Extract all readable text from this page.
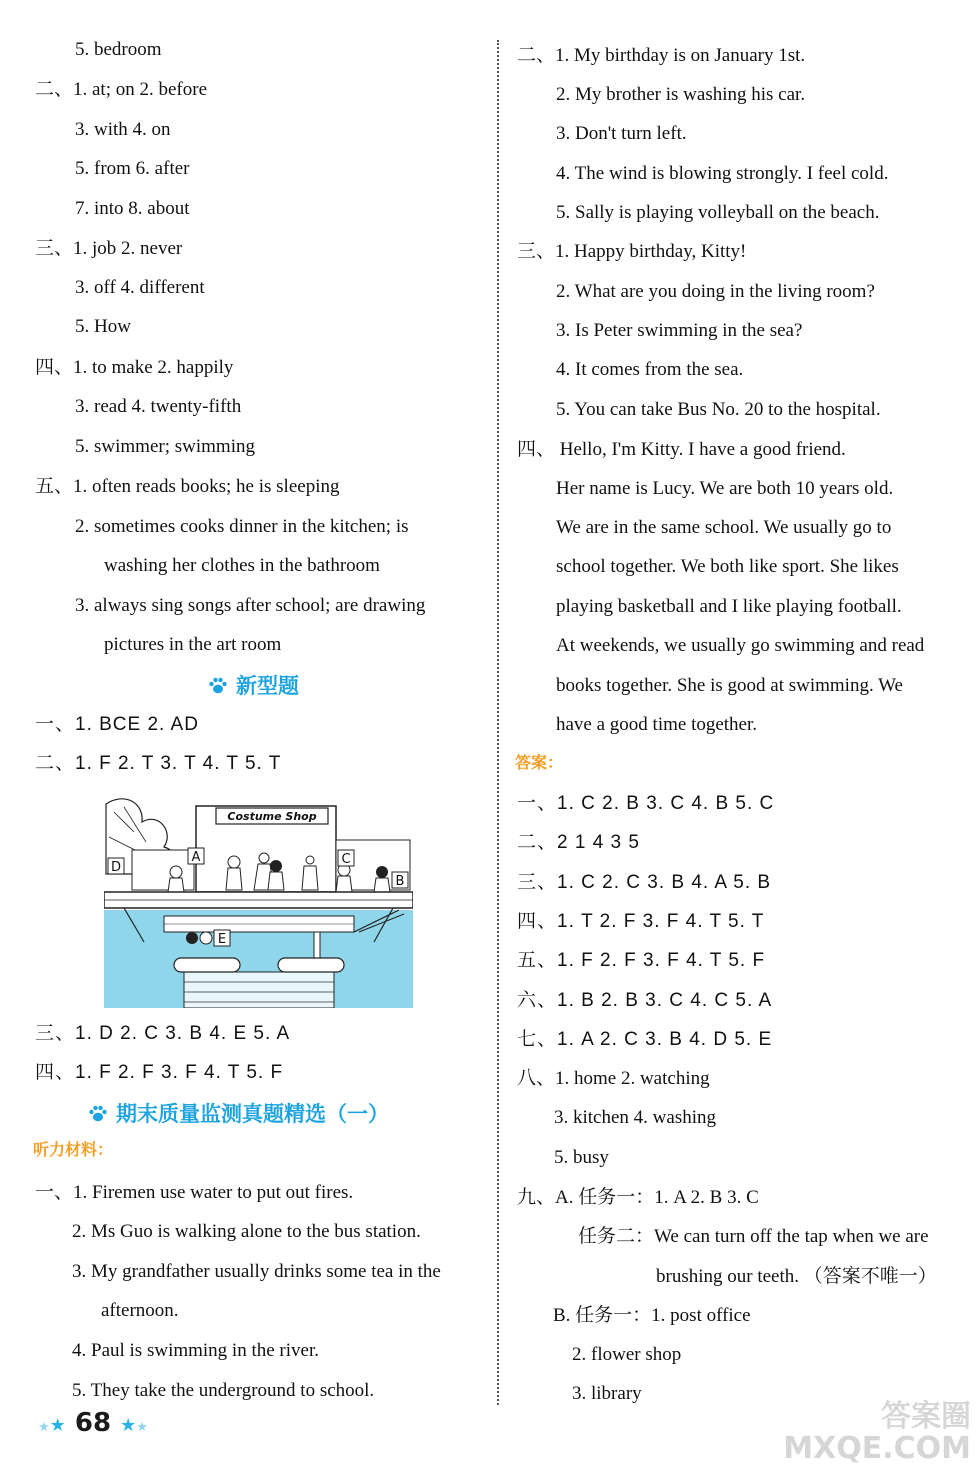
5. bedroom
二、1. at; on 2. before
3. with 4. on
5. from 6. after
7. into 8. about
三、1. job 2. never
3. off 4. different
5. How
四、1. to make 2. happily
3. read 4. twenty-fifth
5. swimmer; swimming
五、1. often reads books; he is sleeping
2. sometimes cooks dinner in the kitchen; is
washing her clothes in the bathroom
3. always sing songs after school; are drawing
pictures in the art room
新型题
一、1. BCE 2. AD
二、1. F 2. T 3. T 4. T 5. T
Costume Shop
D
A	C
B
E
三、1. D 2. C 3. B 4. E 5. A
四、1. F 2. F 3. F 4. T 5. F
期末质量监测真题精选（一）
听力材料：
一、1. Firemen use water to put out fires.
2. Ms Guo is walking alone to the bus station.
3. My grandfather usually drinks some tea in the
afternoon.
4. Paul is swimming in the river.
5. They take the underground to school.
二、1. My birthday is on January 1st.
2. My brother is washing his car.
3. Don't turn left.
4. The wind is blowing strongly. I feel cold.
5. Sally is playing volleyball on the beach.
三、1. Happy birthday, Kitty!
2. What are you doing in the living room?
3. Is Peter swimming in the sea?
4. It comes from the sea.
5. You can take Bus No. 20 to the hospital.
四、 Hello, I'm Kitty. I have a good friend.
Her name is Lucy. We are both 10 years old.
We are in the same school. We usually go to
school together. We both like sport. She likes
playing basketball and I like playing football.
At weekends, we usually go swimming and read
books together. She is good at swimming. We
have a good time together.
答案：
一、1. C 2. B 3. C 4. B 5. C
二、2 1 4 3 5
三、1. C 2. C 3. B 4. A 5. B
四、1. T 2. F 3. F 4. T 5. T
五、1. F 2. F 3. F 4. T 5. F
六、1. B 2. B 3. C 4. C 5. A
七、1. A 2. C 3. B 4. D 5. E
八、1. home 2. watching
3. kitchen 4. washing
5. busy
九、A. 任务一：1. A 2. B 3. C
任务二：We can turn off the tap when we are
brushing our teeth. （答案不唯一）
B. 任务一：1. post office
2. flower shop
3. library
★★ 68 ★★	答案圈
MXQE.COM
